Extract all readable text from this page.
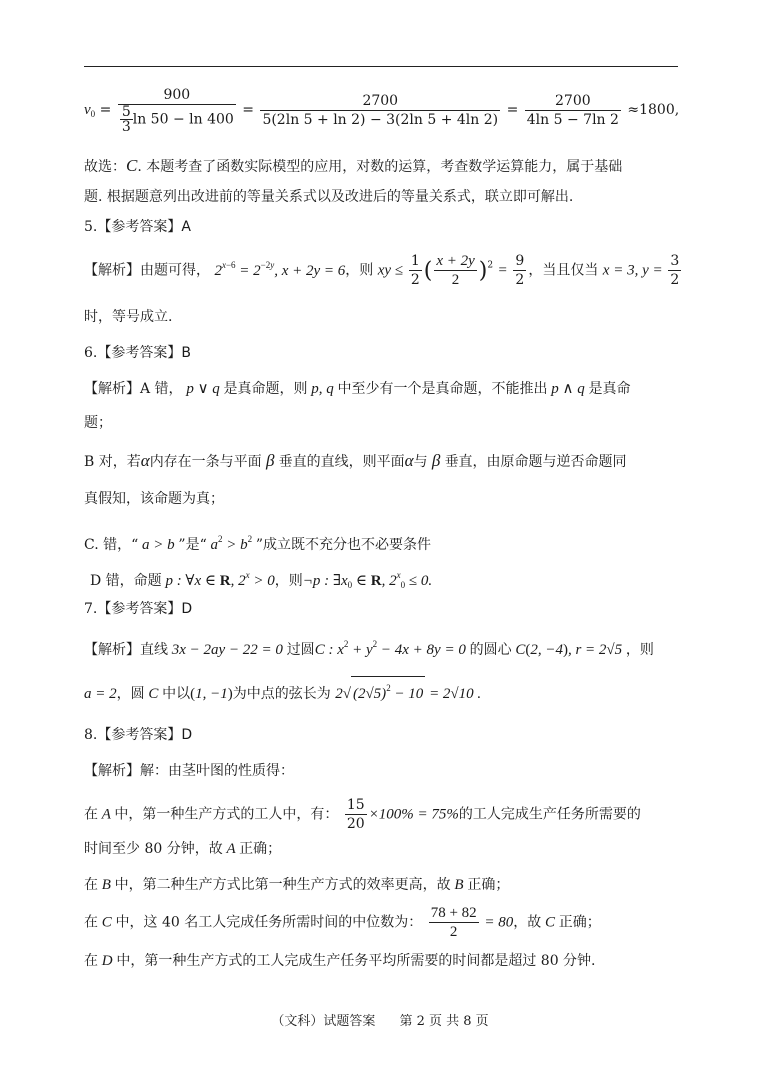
$v_0 = \frac{900}{\frac{5}{3} \ln 50 - \ln 400} = \frac{2700}{5(2\ln 5 + \ln 2) - 3(2\ln 5 + 4\ln 2)} = \frac{2700}{4\ln 5 - 7\ln 2} \approx 1800$,
故选：C. 本题考查了函数实际模型的应用，对数的运算，考查数学运算能力，属于基础
题. 根据题意列出改进前的等量关系式以及改进后的等量关系式，联立即可解出.
5.【参考答案】A
【解析】由题可得， $2^{x-6} = 2^{-2y}$, x + 2y = 6，则 xy ≤ $\frac{1}{2}$ ( $\frac{x + 2y}{2} )^2 = \frac{9}{2}$ ，当且仅当 x = 3, $y = \frac{3}{2}$
时，等号成立.
6.【参考答案】B
【解析】A 错， p ∨ q 是真命题，则 p, q 中至少有一个是真命题，不能推出 p ∧ q 是真命
题；
B 对，若α内存在一条与平面 β 垂直的直线，则平面α与 β 垂直，由原命题与逆否命题同
真假知，该命题为真；
C. 错，“ a > b ”是“ $a^2 > b^2$ ”成立既不充分也不必要条件
D 错，命题 p : ∀x ∈ R, $2^x > 0$，则¬p : $\exists x_0$ ∈ R, $2^x_0 \le 0$.
7.【参考答案】D
【解析】直线 3x − 2ay − 22 = 0 过圆C : $x^2 + y^2 - 4x + 8y = 0$ 的圆心 C(2, −4), r = 2√5 ，则
a = 2，圆 C 中以(1, −1)为中点的弦长为 2√ $(2√5)^2 - 10 = 2√10$ .
8.【参考答案】D
【解析】解：由茎叶图的性质得：
在 A 中，第一种生产方式的工人中，有： $\frac{15}{20} \times 100\% = 75\%$的工人完成生产任务所需要的
时间至少 80 分钟，故 A 正确；
在 B 中，第二种生产方式比第一种生产方式的效率更高，故 B 正确；
在 C 中，这 40 名工人完成任务所需时间的中位数为： $\frac{78 + 82}{2} = 80$，故 C 正确；
在 D 中，第一种生产方式的工人完成生产任务平均所需要的时间都是超过 80 分钟.
（文科）试题答案 第 2 页 共 8 页
